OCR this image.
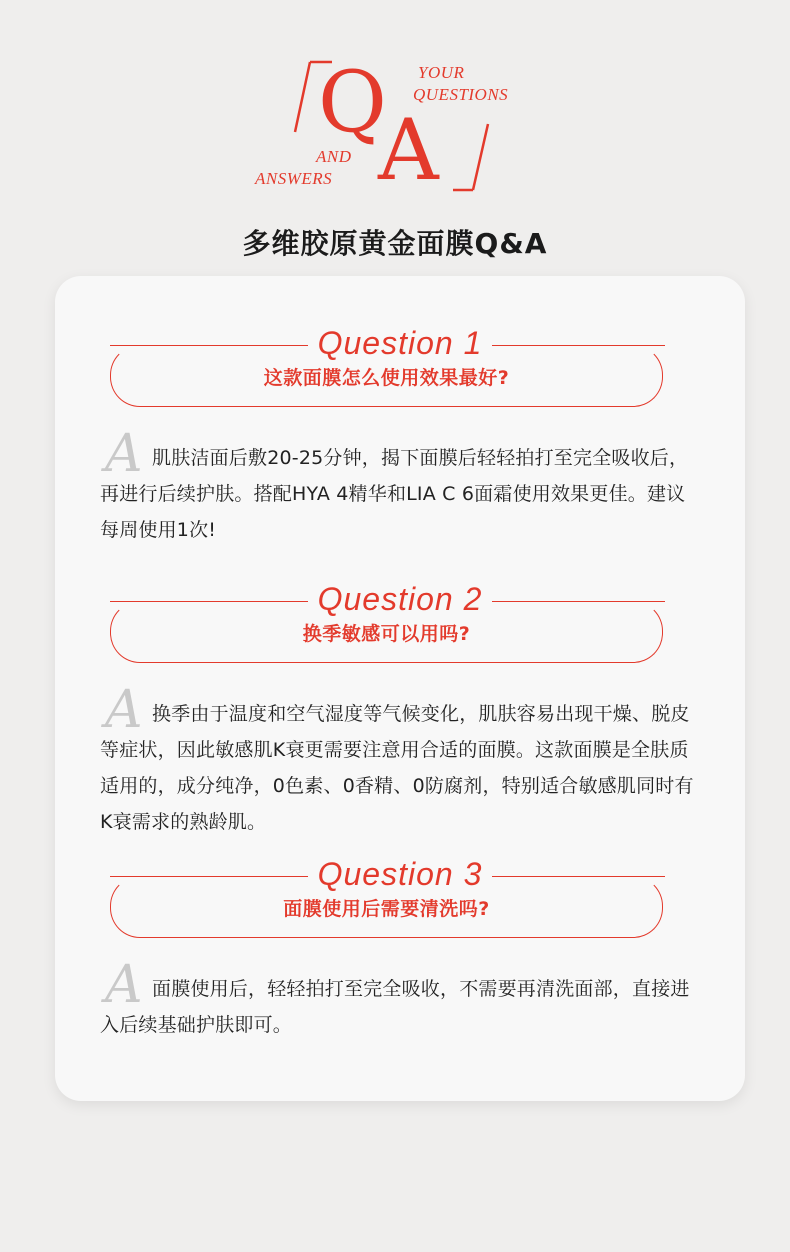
Q
A
YOUR
QUESTIONS
AND
ANSWERS
多维胶原黄金面膜Q&A
这款面膜怎么使用效果最好?
Question 1
A 肌肤洁面后敷20-25分钟，揭下面膜后轻轻拍打至完全吸收后，再进行后续护肤。搭配HYA 4精华和LIA C 6面霜使用效果更佳。建议每周使用1次!

换季敏感可以用吗?
Question 2
A 换季由于温度和空气湿度等气候变化，肌肤容易出现干燥、脱皮等症状，因此敏感肌K衰更需要注意用合适的面膜。这款面膜是全肤质适用的，成分纯净，0色素、0香精、0防腐剂，特别适合敏感肌同时有K衰需求的熟龄肌。

面膜使用后需要清洗吗?
Question 3
A 面膜使用后，轻轻拍打至完全吸收，不需要再清洗面部，直接进入后续基础护肤即可。
